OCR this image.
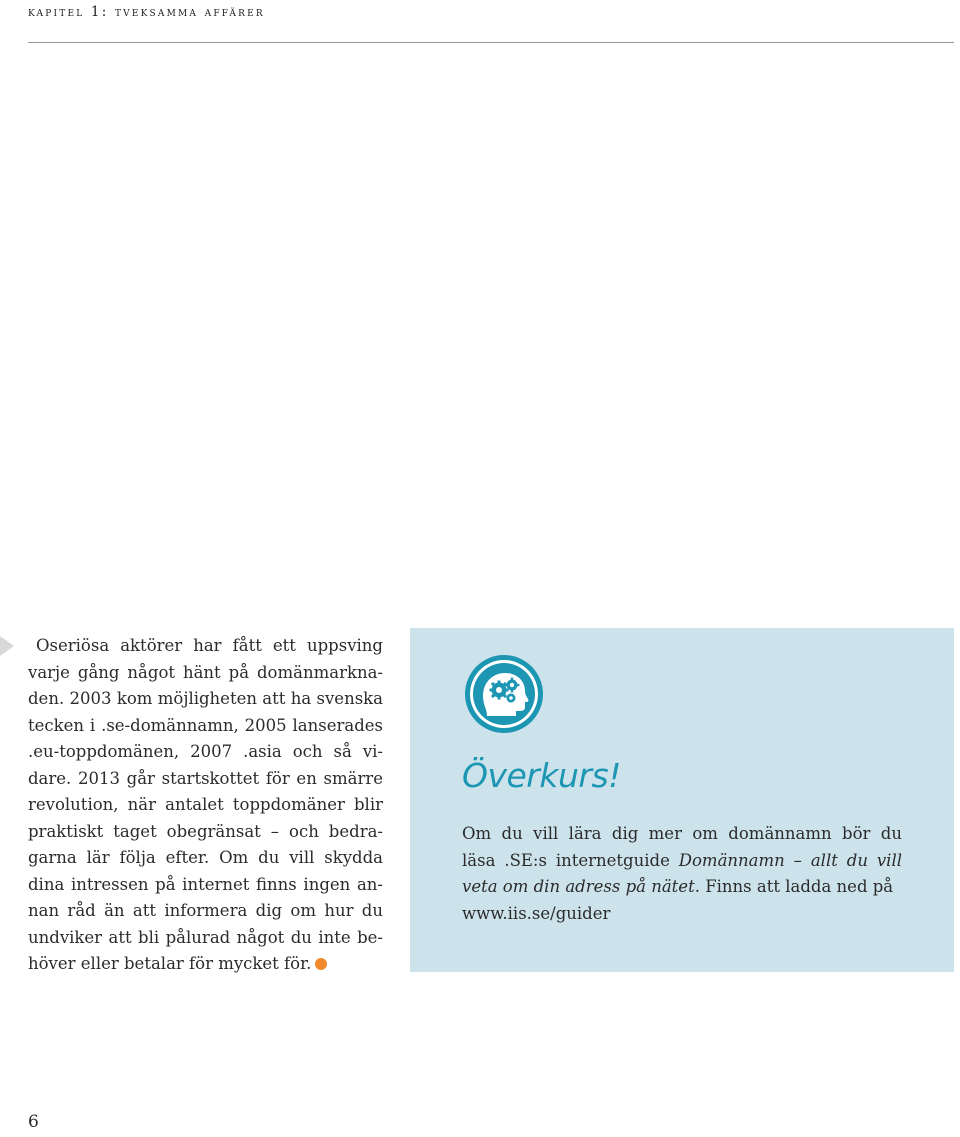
kapitel 1: tveksamma affärer
Oseriösa aktörer har fått ett uppsving
varje gång något hänt på domänmarkna-
den. 2003 kom möjligheten att ha svenska
tecken i .se-domännamn, 2005 lanserades
.eu-toppdomänen, 2007 .asia och så vi-
dare. 2013 går startskottet för en smärre
revolution, när antalet toppdomäner blir
praktiskt taget obegränsat – och bedra-
garna lär följa efter. Om du vill skydda
dina intressen på internet finns ingen an-
nan råd än att informera dig om hur du
undviker att bli pålurad något du inte be-
höver eller betalar för mycket för.
Överkurs!
Om du vill lära dig mer om domännamn bör du
läsa .SE:s internetguide Domännamn – allt du vill
veta om din adress på nätet. Finns att ladda ned på
www.iis.se/guider
6
